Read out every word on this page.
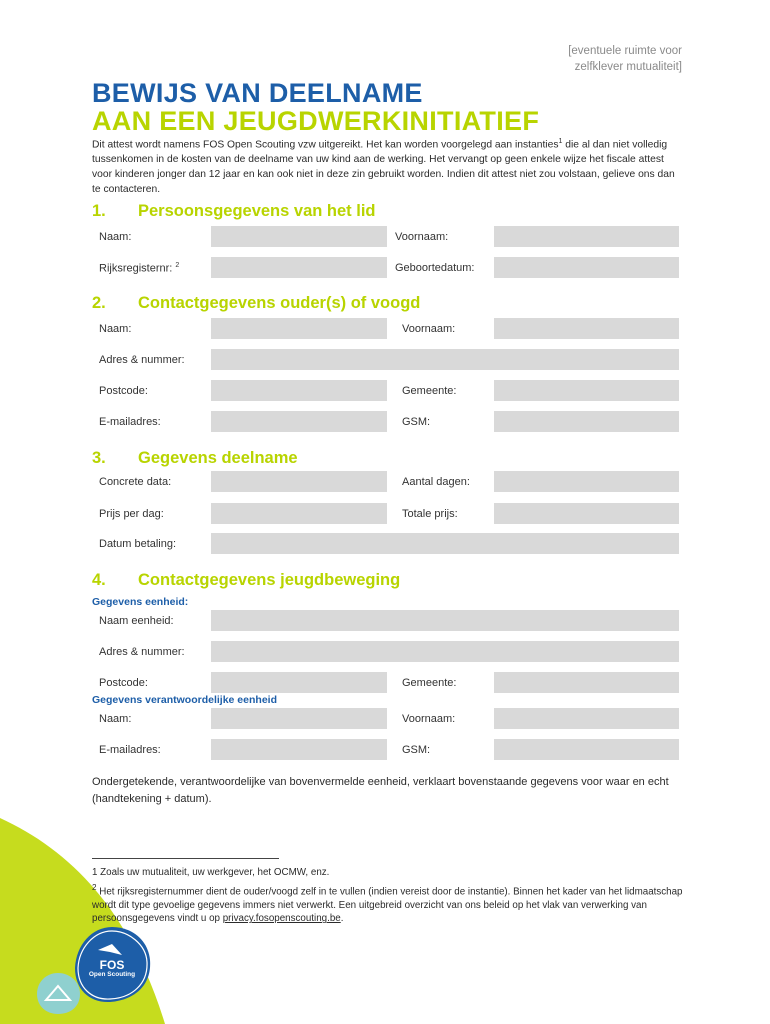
FOS
Open Scouting
[eventuele ruimte voor
zelfklever mutualiteit]
BEWIJS VAN DEELNAME
AAN EEN JEUGDWERKINITIATIEF
Dit attest wordt namens FOS Open Scouting vzw uitgereikt. Het kan worden voorgelegd aan instanties$^1$ die al dan niet volledig tussenkomen in de kosten van de deelname van uw kind aan de werking. Het vervangt op geen enkele wijze het fiscale attest voor kinderen jonger dan 12 jaar en kan ook niet in deze zin gebruikt worden. Indien dit attest niet zou volstaan, gelieve ons dan te contacteren.
1. Persoonsgegevens van het lid
Naam:	Voornaam:
Rijksregisternr: $^2$	Geboortedatum:
2. Contactgegevens ouder(s) of voogd
Naam:	Voornaam:
Adres & nummer:
Postcode:	Gemeente:
E-mailadres:	GSM:
3. Gegevens deelname
Concrete data:	Aantal dagen:
Prijs per dag:	Totale prijs:
Datum betaling:
4. Contactgegevens jeugdbeweging
Gegevens eenheid:
Naam eenheid:
Adres & nummer:
Postcode:	Gemeente:
Gegevens verantwoordelijke eenheid
Naam:	Voornaam:
E-mailadres:	GSM:
Ondergetekende, verantwoordelijke van bovenvermelde eenheid, verklaart bovenstaande gegevens voor waar en echt (handtekening + datum).
1 Zoals uw mutualiteit, uw werkgever, het OCMW, enz.
$^2$ Het rijksregisternummer dient de ouder/voogd zelf in te vullen (indien vereist door de instantie). Binnen het kader van het lidmaatschap wordt dit type gevoelige gegevens immers niet verwerkt. Een uitgebreid overzicht van ons beleid op het vlak van verwerking van persoonsgegevens vindt u op privacy.fosopenscouting.be.
